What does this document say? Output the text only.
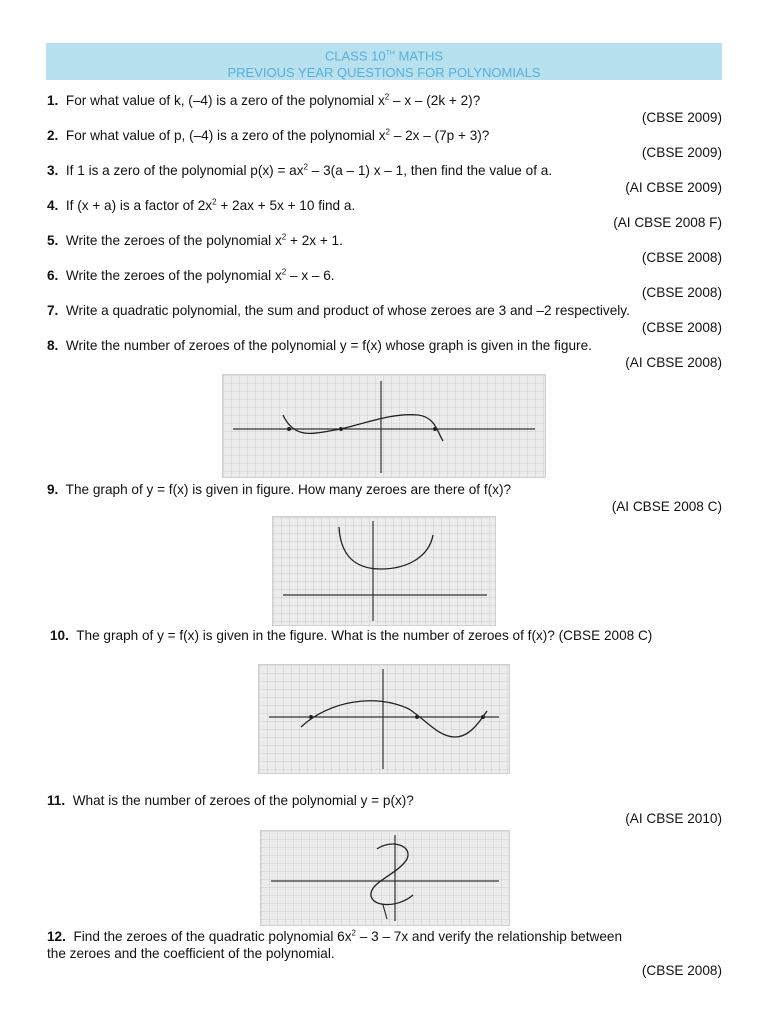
CLASS 10TH MATHS
PREVIOUS YEAR QUESTIONS FOR POLYNOMIALS
1. For what value of k, (–4) is a zero of the polynomial $x^2 - x - (2k + 2)$?
(CBSE 2009)
2. For what value of p, (–4) is a zero of the polynomial $x^2 - 2x - (7p + 3)$?
(CBSE 2009)
3. If 1 is a zero of the polynomial $p(x) = ax^2 - 3(a - 1)$ x – 1, then find the value of a.
(AI CBSE 2009)
4. If (x + a) is a factor of $2x^2 + 2ax + 5x + 10$ find a.
(AI CBSE 2008 F)
5. Write the zeroes of the polynomial $x^2 + 2x + 1$.
(CBSE 2008)
6. Write the zeroes of the polynomial $x^2$ – x – 6.
(CBSE 2008)
7. Write a quadratic polynomial, the sum and product of whose zeroes are 3 and –2 respectively.
(CBSE 2008)
8. Write the number of zeroes of the polynomial y = f(x) whose graph is given in the figure.
(AI CBSE 2008)
9. The graph of y = f(x) is given in figure. How many zeroes are there of f(x)?
(AI CBSE 2008 C)
10. The graph of y = f(x) is given in the figure. What is the number of zeroes of f(x)? (CBSE 2008 C)
11. What is the number of zeroes of the polynomial y = p(x)?
(AI CBSE 2010)
12. Find the zeroes of the quadratic polynomial $6x^2 - 3 - 7x$ and verify the relationship between
the zeroes and the coefficient of the polynomial.
(CBSE 2008)
